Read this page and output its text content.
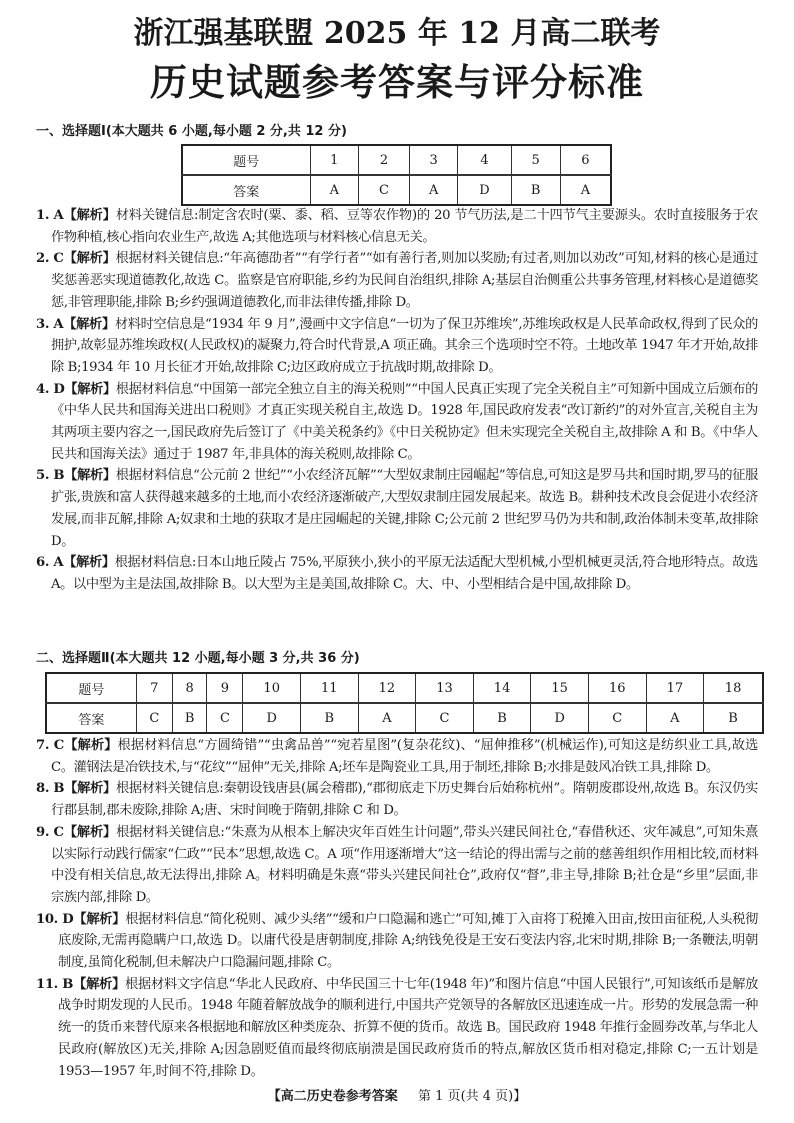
浙江强基联盟 2025 年 12 月高二联考
历史试题参考答案与评分标准
一、选择题Ⅰ(本大题共 6 小题,每小题 2 分,共 12 分)
题号	1	2	3	4	5	6
答案	A	C	A	D	B	A
1. A【解析】材料关键信息:制定含农时(粟、黍、稻、豆等农作物)的 20 节气历法,是二十四节气主要源头。农时直接服务于农作物种植,核心指向农业生产,故选 A;其他选项与材料核心信息无关。
2. C【解析】根据材料关键信息:“年高德劭者”“有学行者”“如有善行者,则加以奖励;有过者,则加以劝改”可知,材料的核心是通过奖惩善恶实现道德教化,故选 C。监察是官府职能,乡约为民间自治组织,排除 A;基层自治侧重公共事务管理,材料核心是道德奖惩,非管理职能,排除 B;乡约强调道德教化,而非法律传播,排除 D。
3. A【解析】材料时空信息是“1934 年 9 月”,漫画中文字信息“一切为了保卫苏维埃”,苏维埃政权是人民革命政权,得到了民众的拥护,故彰显苏维埃政权(人民政权)的凝聚力,符合时代背景,A 项正确。其余三个选项时空不符。土地改革 1947 年才开始,故排除 B;1934 年 10 月长征才开始,故排除 C;边区政府成立于抗战时期,故排除 D。
4. D【解析】根据材料信息“中国第一部完全独立自主的海关税则”“中国人民真正实现了完全关税自主”可知新中国成立后颁布的《中华人民共和国海关进出口税则》才真正实现关税自主,故选 D。1928 年,国民政府发表“改订新约”的对外宣言,关税自主为其两项主要内容之一,国民政府先后签订了《中美关税条约》《中日关税协定》但未实现完全关税自主,故排除 A 和 B。《中华人民共和国海关法》通过于 1987 年,非具体的海关税则,故排除 C。
5. B【解析】根据材料信息“公元前 2 世纪”“小农经济瓦解”“大型奴隶制庄园崛起”等信息,可知这是罗马共和国时期,罗马的征服扩张,贵族和富人获得越来越多的土地,而小农经济逐渐破产,大型奴隶制庄园发展起来。故选 B。耕种技术改良会促进小农经济发展,而非瓦解,排除 A;奴隶和土地的获取才是庄园崛起的关键,排除 C;公元前 2 世纪罗马仍为共和制,政治体制未变革,故排除 D。
6. A【解析】根据材料信息:日本山地丘陵占 75%,平原狭小,狭小的平原无法适配大型机械,小型机械更灵活,符合地形特点。故选 A。以中型为主是法国,故排除 B。以大型为主是美国,故排除 C。大、中、小型相结合是中国,故排除 D。
二、选择题Ⅱ(本大题共 12 小题,每小题 3 分,共 36 分)
题号	7	8	9	10	11	12	13	14	15	16	17	18
答案	C	B	C	D	B	A	C	B	D	C	A	B
7. C【解析】根据材料信息“方圆绮错”“虫禽品兽”“宛若星图”(复杂花纹)、“屈伸推移”(机械运作),可知这是纺织业工具,故选 C。灌钢法是冶铁技术,与“花纹”“屈伸”无关,排除 A;坯车是陶瓷业工具,用于制坯,排除 B;水排是鼓风冶铁工具,排除 D。
8. B【解析】根据材料关键信息:秦朝设钱唐县(属会稽郡),“郡彻底走下历史舞台后始称杭州”。隋朝废郡设州,故选 B。东汉仍实行郡县制,郡未废除,排除 A;唐、宋时间晚于隋朝,排除 C 和 D。
9. C【解析】根据材料关键信息:“朱熹为从根本上解决灾年百姓生计问题”,带头兴建民间社仓,“春借秋还、灾年减息”,可知朱熹以实际行动践行儒家“仁政”“民本”思想,故选 C。A 项“作用逐渐增大”这一结论的得出需与之前的慈善组织作用相比较,而材料中没有相关信息,故无法得出,排除 A。材料明确是朱熹“带头兴建民间社仓”,政府仅“督”,非主导,排除 B;社仓是“乡里”层面,非宗族内部,排除 D。
10. D【解析】根据材料信息“简化税则、减少头绪”“缓和户口隐漏和逃亡”可知,摊丁入亩将丁税摊入田亩,按田亩征税,人头税彻底废除,无需再隐瞒户口,故选 D。以庸代役是唐朝制度,排除 A;纳钱免役是王安石变法内容,北宋时期,排除 B;一条鞭法,明朝制度,虽简化税制,但未解决户口隐漏问题,排除 C。
11. B【解析】根据材料文字信息“华北人民政府、中华民国三十七年(1948 年)”和图片信息“中国人民银行”,可知该纸币是解放战争时期发现的人民币。1948 年随着解放战争的顺利进行,中国共产党领导的各解放区迅速连成一片。形势的发展急需一种统一的货币来替代原来各根据地和解放区种类庞杂、折算不便的货币。故选 B。国民政府 1948 年推行金圆券改革,与华北人民政府(解放区)无关,排除 A;因急剧贬值而最终彻底崩溃是国民政府货币的特点,解放区货币相对稳定,排除 C;一五计划是 1953—1957 年,时间不符,排除 D。
【高二历史卷参考答案 第 1 页(共 4 页)】
